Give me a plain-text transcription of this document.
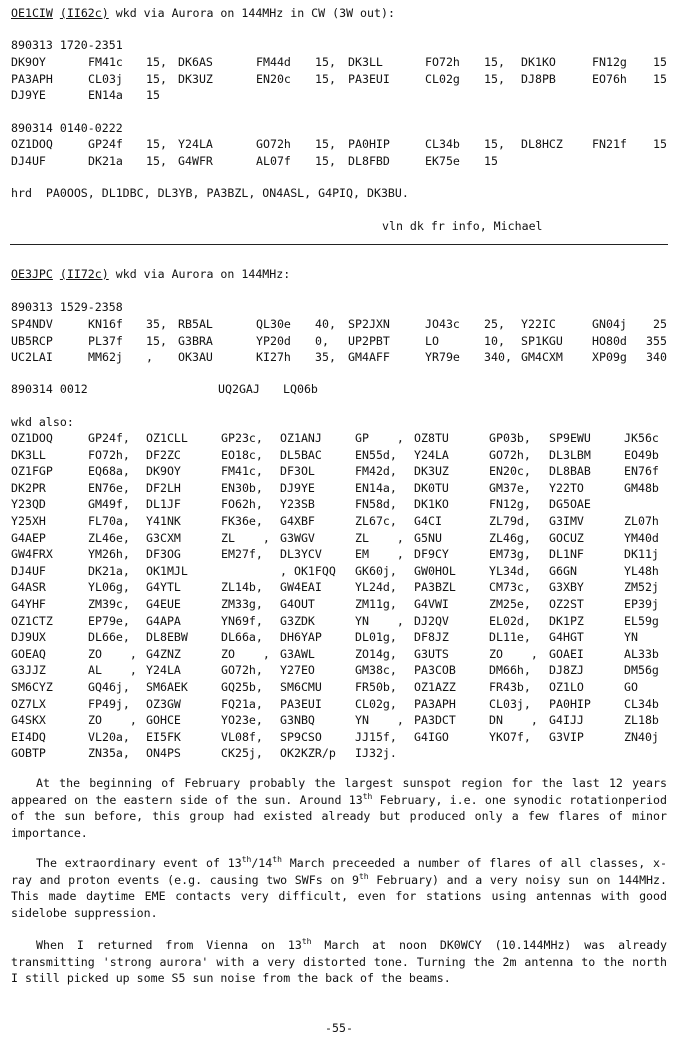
OE1CIW (II62c) wkd via Aurora on 144MHz in CW (3W out):
890313 1720-2351
DK9OY	FM41c 15, DK6AS	FM44d 15, DK3LL	FO72h 15, DK1KO	FN12g 15
PA3APH	CL03j 15, DK3UZ	EN20c 15, PA3EUI	CL02g 15, DJ8PB	EO76h 15
DJ9YE	EN14a 15
890314 0140-0222
OZ1DOQ	GP24f 15, Y24LA	GO72h 15, PA0HIP	CL34b 15, DL8HCZ	FN21f 15
DJ4UF	DK21a 15, G4WFR	AL07f 15, DL8FBD	EK75e 15
hrd  PA0OOS, DL1DBC, DL3YB, PA3BZL, ON4ASL, G4PIQ, DK3BU.
vln dk fr info, Michael
OE3JPC (II72c) wkd via Aurora on 144MHz:
890313 1529-2358
SP4NDV	KN16f 35, RB5AL	QL30e 40, SP2JXN	JO43c 25, Y22IC	GN04j 25
UB5RCP	PL37f 15, G3BRA	YP20d 0, UP2PBT	LO	10, SP1KGU	HO80d 355
UC2LAI	MM62j , OK3AU	KI27h 35, GM4AFF	YR79e 340, GM4CXM	XP09g 340
890314 0012	UQ2GAJ LQ06b
wkd also:
OZ1DOQ	GP24f, OZ1CLL	GP23c, OZ1ANJ	GP    , OZ8TU	GP03b, SP9EWU	JK56c
DK3LL	FO72h, DF2ZC	EO18c, DL5BAC	EN55d, Y24LA	GO72h, DL3LBM	EO49b
OZ1FGP	EQ68a, DK9OY	FM41c, DF3OL	FM42d, DK3UZ	EN20c, DL8BAB	EN76f
DK2PR	EN76e, DF2LH	EN30b, DJ9YE	EN14a, DK0TU	GM37e, Y22TO	GM48b
Y23QD	GM49f, DL1JF	FO62h, Y23SB	FN58d, DK1KO	FN12g, DG5OAE
Y25XH	FL70a, Y41NK	FK36e, G4XBF	ZL67c, G4CI	ZL79d, G3IMV	ZL07h
G4AEP	ZL46e, G3CXM	ZL    , G3WGV	ZL    , G5NU	ZL46g, GOCUZ	YM40d
GW4FRX	YM26h, DF3OG	EM27f, DL3YCV	EM    , DF9CY	EM73g, DL1NF	DK11j
DJ4UF	DK21a, OK1MJL	, OK1FQQ GK60j, GW0HOL	YL34d, G6GN	YL48h
G4ASR	YL06g, G4YTL	ZL14b, GW4EAI	YL24d, PA3BZL	CM73c, G3XBY	ZM52j
G4YHF	ZM39c, G4EUE	ZM33g, G4OUT	ZM11g, G4VWI	ZM25e, OZ2ST	EP39j
OZ1CTZ	EP79e, G4APA	YN69f, G3ZDK	YN    , DJ2QV	EL02d, DK1PZ	EL59g
DJ9UX	DL66e, DL8EBW	DL66a, DH6YAP	DL01g, DF8JZ	DL11e, G4HGT	YN
GOEAQ	ZO    , G4ZNZ	ZO    , G3AWL	ZO14g, G3UTS	ZO    , GOAEI	AL33b
G3JJZ	AL    , Y24LA	GO72h, Y27EO	GM38c, PA3COB	DM66h, DJ8ZJ	DM56g
SM6CYZ	GQ46j, SM6AEK	GQ25b, SM6CMU	FR50b, OZ1AZZ	FR43b, OZ1LO	GO
OZ7LX	FP49j, OZ3GW	FQ21a, PA3EUI	CL02g, PA3APH	CL03j, PA0HIP	CL34b
G4SKX	ZO    , GOHCE	YO23e, G3NBQ	YN    , PA3DCT	DN    , G4IJJ	ZL18b
EI4DQ	VL20a, EI5FK	VL08f, SP9CSO	JJ15f, G4IGO	YKO7f, G3VIP	ZN40j
GOBTP	ZN35a, ON4PS	CK25j, OK2KZR/p IJ32j.
At the beginning of February probably the largest sunspot region for the last 12 years appeared on the eastern side of the sun. Around 13th February, i.e. one synodic rotationperiod of the sun before, this group had existed already but produced only a few flares of minor importance.
The extraordinary event of 13th/14th March preceeded a number of flares of all classes, x-ray and proton events (e.g. causing two SWFs on 9th February) and a very noisy sun on 144MHz. This made daytime EME contacts very difficult, even for stations using antennas with good sidelobe suppression.
When I returned from Vienna on 13th March at noon DK0WCY (10.144MHz) was already transmitting 'strong aurora' with a very distorted tone. Turning the 2m antenna to the north I still picked up some S5 sun noise from the back of the beams.
-55-
